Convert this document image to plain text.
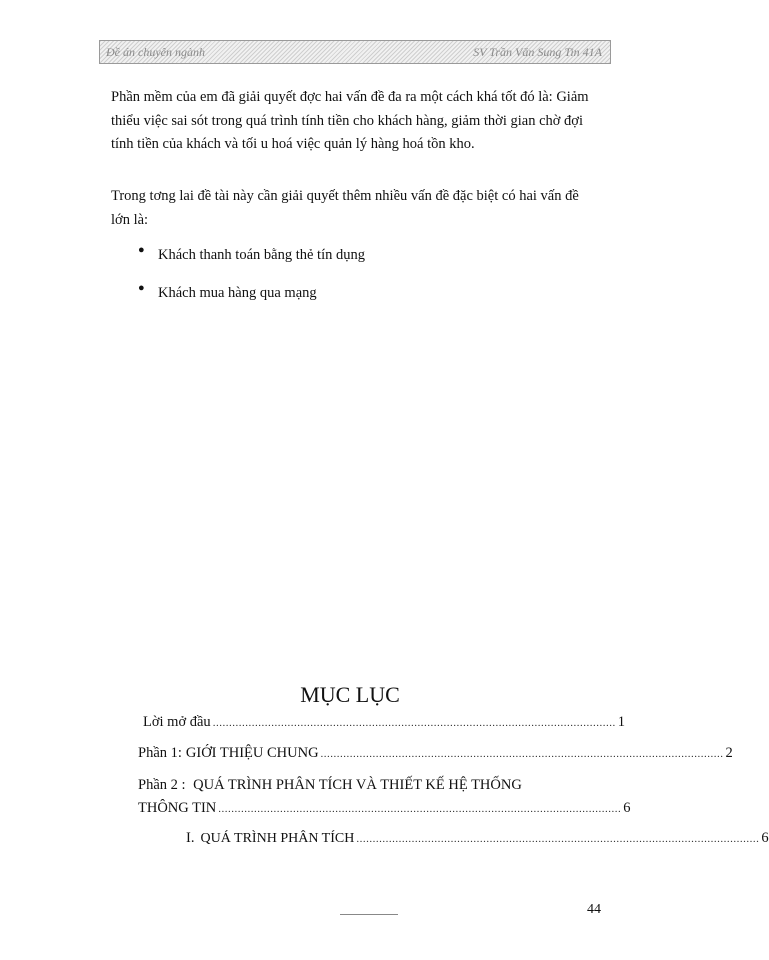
Đề án chuyên ngành	SV Trần Văn Sung Tin 41A

Phần mềm của em đã giải quyết đợc hai vấn đề đa ra một cách khá tốt đó là: Giảm thiểu việc sai sót trong quá trình tính tiền cho khách hàng, giảm thời gian chờ đợi tính tiền của khách và tối u hoá việc quản lý hàng hoá tồn kho.

Trong tơng lai đề tài này cần giải quyết thêm nhiều vấn đề đặc biệt có hai vấn đề lớn là:

● Khách thanh toán bằng thẻ tín dụng
● Khách mua hàng qua mạng
MỤC LỤC
Lời mở đầu ............................................................................................................................ 1
Phần 1: GIỚI THIỆU CHUNG ............................................................................................................................ 2
Phần 2 : QUÁ TRÌNH PHÂN TÍCH VÀ THIẾT KẾ HỆ THỐNG
THÔNG TIN ............................................................................................................................ 6
I. QUÁ TRÌNH PHÂN TÍCH ............................................................................................................................ 6
44
